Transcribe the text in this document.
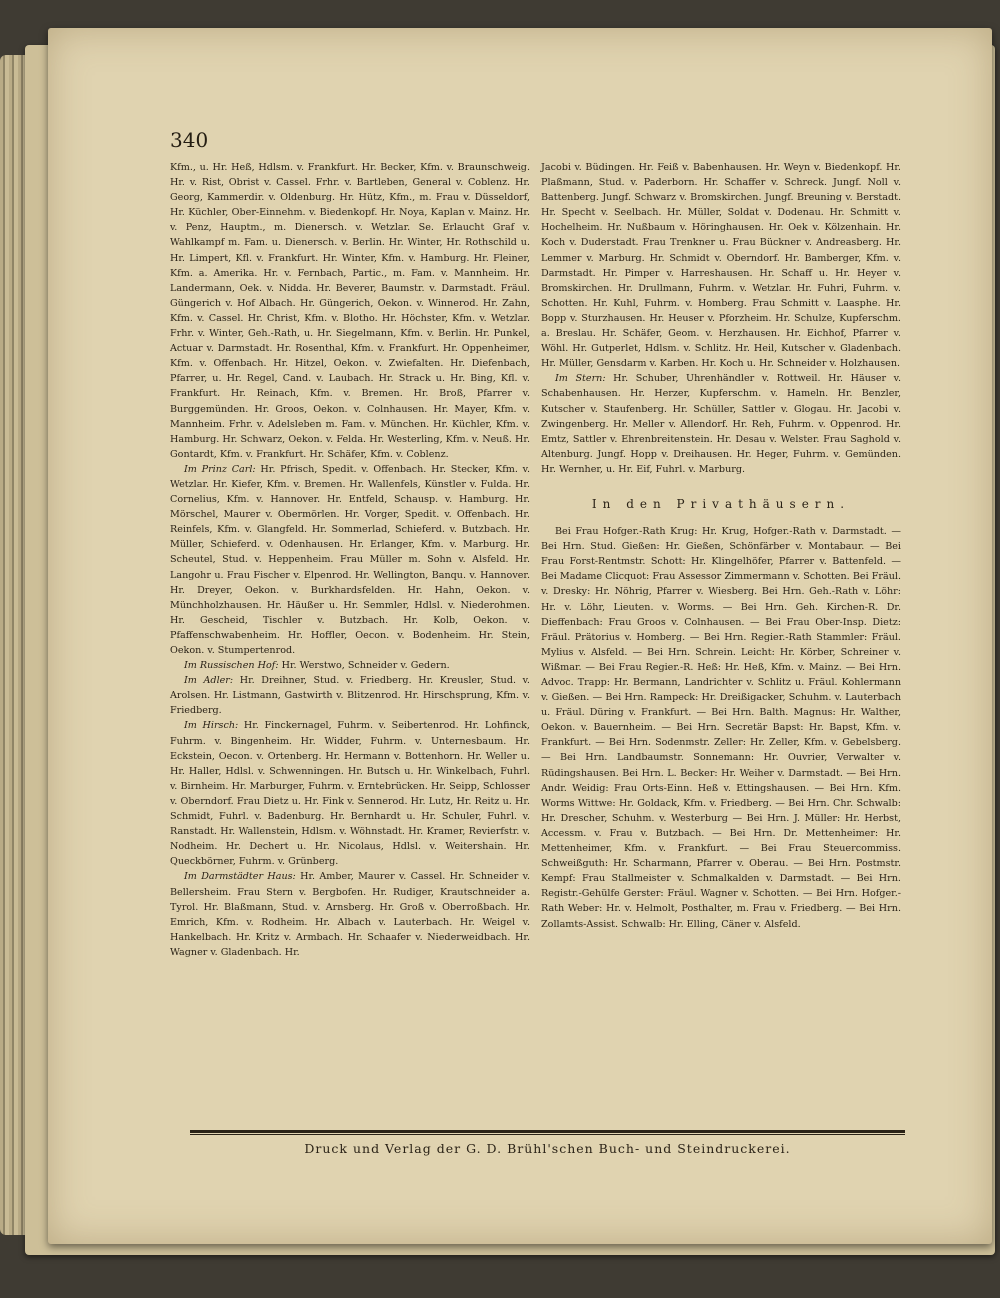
340

Kfm., u. Hr. Heß, Hdlsm. v. Frankfurt. Hr. Becker, Kfm. v. Braunschweig. Hr. v. Rist, Obrist v. Cassel. Frhr. v. Bartleben, General v. Coblenz. Hr. Georg, Kammerdir. v. Oldenburg. Hr. Hütz, Kfm., m. Frau v. Düsseldorf, Hr. Küchler, Ober-Einnehm. v. Biedenkopf. Hr. Noya, Kaplan v. Mainz. Hr. v. Penz, Hauptm., m. Dienersch. v. Wetzlar. Se. Erlaucht Graf v. Wahlkampf m. Fam. u. Dienersch. v. Berlin. Hr. Winter, Hr. Rothschild u. Hr. Limpert, Kfl. v. Frankfurt. Hr. Winter, Kfm. v. Hamburg. Hr. Fleiner, Kfm. a. Amerika. Hr. v. Fernbach, Partic., m. Fam. v. Mannheim. Hr. Landermann, Oek. v. Nidda. Hr. Beverer, Baumstr. v. Darmstadt. Fräul. Güngerich v. Hof Albach. Hr. Güngerich, Oekon. v. Winnerod. Hr. Zahn, Kfm. v. Cassel. Hr. Christ, Kfm. v. Blotho. Hr. Höchster, Kfm. v. Wetzlar. Frhr. v. Winter, Geh.-Rath, u. Hr. Siegelmann, Kfm. v. Berlin. Hr. Punkel, Actuar v. Darmstadt. Hr. Rosenthal, Kfm. v. Frankfurt. Hr. Oppenheimer, Kfm. v. Offenbach. Hr. Hitzel, Oekon. v. Zwiefalten. Hr. Diefenbach, Pfarrer, u. Hr. Regel, Cand. v. Laubach. Hr. Strack u. Hr. Bing, Kfl. v. Frankfurt. Hr. Reinach, Kfm. v. Bremen. Hr. Broß, Pfarrer v. Burggemünden. Hr. Groos, Oekon. v. Colnhausen. Hr. Mayer, Kfm. v. Mannheim. Frhr. v. Adelsleben m. Fam. v. München. Hr. Küchler, Kfm. v. Hamburg. Hr. Schwarz, Oekon. v. Felda. Hr. Westerling, Kfm. v. Neuß. Hr. Gontardt, Kfm. v. Frankfurt. Hr. Schäfer, Kfm. v. Coblenz.

Im Prinz Carl: Hr. Pfrisch, Spedit. v. Offenbach. Hr. Stecker, Kfm. v. Wetzlar. Hr. Kiefer, Kfm. v. Bremen. Hr. Wallenfels, Künstler v. Fulda. Hr. Cornelius, Kfm. v. Hannover. Hr. Entfeld, Schausp. v. Hamburg. Hr. Mörschel, Maurer v. Obermörlen. Hr. Vorger, Spedit. v. Offenbach. Hr. Reinfels, Kfm. v. Glangfeld. Hr. Sommerlad, Schieferd. v. Butzbach. Hr. Müller, Schieferd. v. Odenhausen. Hr. Erlanger, Kfm. v. Marburg. Hr. Scheutel, Stud. v. Heppenheim. Frau Müller m. Sohn v. Alsfeld. Hr. Langohr u. Frau Fischer v. Elpenrod. Hr. Wellington, Banqu. v. Hannover. Hr. Dreyer, Oekon. v. Burkhardsfelden. Hr. Hahn, Oekon. v. Münchholzhausen. Hr. Häußer u. Hr. Semmler, Hdlsl. v. Niederohmen. Hr. Gescheid, Tischler v. Butzbach. Hr. Kolb, Oekon. v. Pfaffenschwabenheim. Hr. Hoffler, Oecon. v. Bodenheim. Hr. Stein, Oekon. v. Stumpertenrod.

Im Russischen Hof: Hr. Werstwo, Schneider v. Gedern.

Im Adler: Hr. Dreihner, Stud. v. Friedberg. Hr. Kreusler, Stud. v. Arolsen. Hr. Listmann, Gastwirth v. Blitzenrod. Hr. Hirschsprung, Kfm. v. Friedberg.

Im Hirsch: Hr. Finckernagel, Fuhrm. v. Seibertenrod. Hr. Lohfinck, Fuhrm. v. Bingenheim. Hr. Widder, Fuhrm. v. Unternesbaum. Hr. Eckstein, Oecon. v. Ortenberg. Hr. Hermann v. Bottenhorn. Hr. Weller u. Hr. Haller, Hdlsl. v. Schwenningen. Hr. Butsch u. Hr. Winkelbach, Fuhrl. v. Birnheim. Hr. Marburger, Fuhrm. v. Erntebrücken. Hr. Seipp, Schlosser v. Oberndorf. Frau Dietz u. Hr. Fink v. Sennerod. Hr. Lutz, Hr. Reitz u. Hr. Schmidt, Fuhrl. v. Badenburg. Hr. Bernhardt u. Hr. Schuler, Fuhrl. v. Ranstadt. Hr. Wallenstein, Hdlsm. v. Wöhnstadt. Hr. Kramer, Revierfstr. v. Nodheim. Hr. Dechert u. Hr. Nicolaus, Hdlsl. v. Weitershain. Hr. Queckbörner, Fuhrm. v. Grünberg.

Im Darmstädter Haus: Hr. Amber, Maurer v. Cassel. Hr. Schneider v. Bellersheim. Frau Stern v. Bergbofen. Hr. Rudiger, Krautschneider a. Tyrol. Hr. Blaßmann, Stud. v. Arnsberg. Hr. Groß v. Oberroßbach. Hr. Emrich, Kfm. v. Rodheim. Hr. Albach v. Lauterbach. Hr. Weigel v. Hankelbach. Hr. Kritz v. Armbach. Hr. Schaafer v. Niederweidbach. Hr. Wagner v. Gladenbach. Hr.

Jacobi v. Büdingen. Hr. Feiß v. Babenhausen. Hr. Weyn v. Biedenkopf. Hr. Plaßmann, Stud. v. Paderborn. Hr. Schaffer v. Schreck. Jungf. Noll v. Battenberg. Jungf. Schwarz v. Bromskirchen. Jungf. Breuning v. Berstadt. Hr. Specht v. Seelbach. Hr. Müller, Soldat v. Dodenau. Hr. Schmitt v. Hochelheim. Hr. Nußbaum v. Höringhausen. Hr. Oek v. Kölzenhain. Hr. Koch v. Duderstadt. Frau Trenkner u. Frau Bückner v. Andreasberg. Hr. Lemmer v. Marburg. Hr. Schmidt v. Oberndorf. Hr. Bamberger, Kfm. v. Darmstadt. Hr. Pimper v. Harreshausen. Hr. Schaff u. Hr. Heyer v. Bromskirchen. Hr. Drullmann, Fuhrm. v. Wetzlar. Hr. Fuhri, Fuhrm. v. Schotten. Hr. Kuhl, Fuhrm. v. Homberg. Frau Schmitt v. Laasphe. Hr. Bopp v. Sturzhausen. Hr. Heuser v. Pforzheim. Hr. Schulze, Kupferschm. a. Breslau. Hr. Schäfer, Geom. v. Herzhausen. Hr. Eichhof, Pfarrer v. Wöhl. Hr. Gutperlet, Hdlsm. v. Schlitz. Hr. Heil, Kutscher v. Gladenbach. Hr. Müller, Gensdarm v. Karben. Hr. Koch u. Hr. Schneider v. Holzhausen.

Im Stern: Hr. Schuber, Uhrenhändler v. Rottweil. Hr. Häuser v. Schabenhausen. Hr. Herzer, Kupferschm. v. Hameln. Hr. Benzler, Kutscher v. Staufenberg. Hr. Schüller, Sattler v. Glogau. Hr. Jacobi v. Zwingenberg. Hr. Meller v. Allendorf. Hr. Reh, Fuhrm. v. Oppenrod. Hr. Emtz, Sattler v. Ehrenbreitenstein. Hr. Desau v. Welster. Frau Saghold v. Altenburg. Jungf. Hopp v. Dreihausen. Hr. Heger, Fuhrm. v. Gemünden. Hr. Wernher, u. Hr. Eif, Fuhrl. v. Marburg.

In den Privathäusern.

Bei Frau Hofger.-Rath Krug: Hr. Krug, Hofger.-Rath v. Darmstadt. — Bei Hrn. Stud. Gießen: Hr. Gießen, Schönfärber v. Montabaur. — Bei Frau Forst-Rentmstr. Schott: Hr. Klingelhöfer, Pfarrer v. Battenfeld. — Bei Madame Clicquot: Frau Assessor Zimmermann v. Schotten. Bei Fräul. v. Dresky: Hr. Nöhrig, Pfarrer v. Wiesberg. Bei Hrn. Geh.-Rath v. Löhr: Hr. v. Löhr, Lieuten. v. Worms. — Bei Hrn. Geh. Kirchen-R. Dr. Dieffenbach: Frau Groos v. Colnhausen. — Bei Frau Ober-Insp. Dietz: Fräul. Prätorius v. Homberg. — Bei Hrn. Regier.-Rath Stammler: Fräul. Mylius v. Alsfeld. — Bei Hrn. Schrein. Leicht: Hr. Körber, Schreiner v. Wißmar. — Bei Frau Regier.-R. Heß: Hr. Heß, Kfm. v. Mainz. — Bei Hrn. Advoc. Trapp: Hr. Bermann, Landrichter v. Schlitz u. Fräul. Kohlermann v. Gießen. — Bei Hrn. Rampeck: Hr. Dreißigacker, Schuhm. v. Lauterbach u. Fräul. Düring v. Frankfurt. — Bei Hrn. Balth. Magnus: Hr. Walther, Oekon. v. Bauernheim. — Bei Hrn. Secretär Bapst: Hr. Bapst, Kfm. v. Frankfurt. — Bei Hrn. Sodenmstr. Zeller: Hr. Zeller, Kfm. v. Gebelsberg. — Bei Hrn. Landbaumstr. Sonnemann: Hr. Ouvrier, Verwalter v. Rüdingshausen. Bei Hrn. L. Becker: Hr. Weiher v. Darmstadt. — Bei Hrn. Andr. Weidig: Frau Orts-Einn. Heß v. Ettingshausen. — Bei Hrn. Kfm. Worms Wittwe: Hr. Goldack, Kfm. v. Friedberg. — Bei Hrn. Chr. Schwalb: Hr. Drescher, Schuhm. v. Westerburg — Bei Hrn. J. Müller: Hr. Herbst, Accessm. v. Frau v. Butzbach. — Bei Hrn. Dr. Mettenheimer: Hr. Mettenheimer, Kfm. v. Frankfurt. — Bei Frau Steuercommiss. Schweißguth: Hr. Scharmann, Pfarrer v. Oberau. — Bei Hrn. Postmstr. Kempf: Frau Stallmeister v. Schmalkalden v. Darmstadt. — Bei Hrn. Registr.-Gehülfe Gerster: Fräul. Wagner v. Schotten. — Bei Hrn. Hofger.-Rath Weber: Hr. v. Helmolt, Posthalter, m. Frau v. Friedberg. — Bei Hrn. Zollamts-Assist. Schwalb: Hr. Elling, Cäner v. Alsfeld.

Druck und Verlag der G. D. Brühl'schen Buch- und Steindruckerei.
